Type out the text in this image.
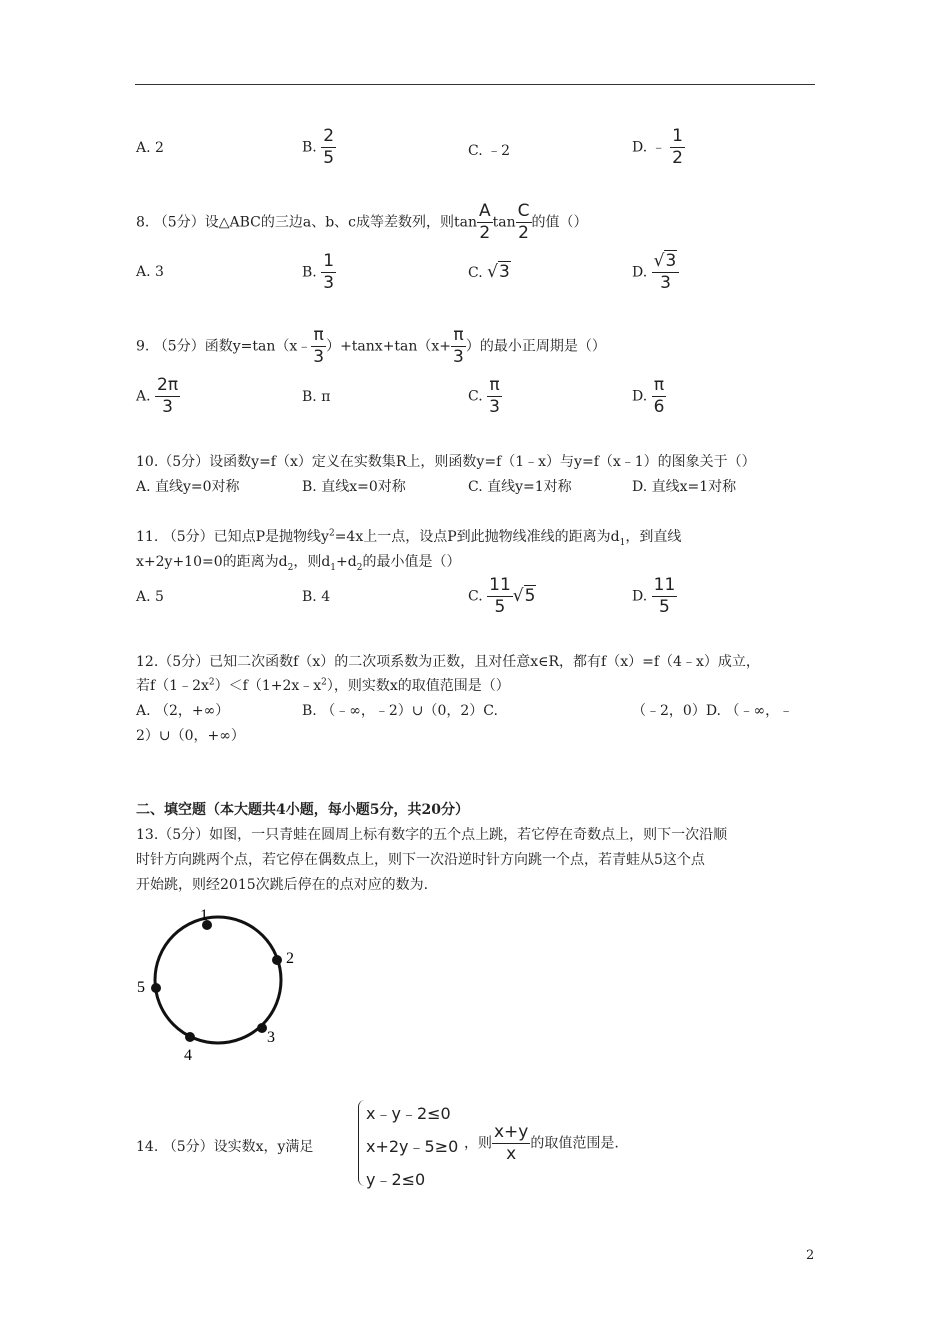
A. 2	B. $\frac{2}{5}$	C. ﹣2	D. ﹣ $\frac{1}{2}$
8. （5分）设△ABC的三边a、b、c成等差数列，则$\tan \frac{A}{2}$ $\tan \frac{C}{2}$ 的值（）
A. 3	B. $\frac{1}{3}$	C. √3	D. $\frac{√3}{3}$
9. （5分）函数y=tan（x﹣ $\frac{\pi}{3} )+\tan x+\tan(x+ \frac{\pi}{3}$ ）的最小正周期是（）
A. $\frac{2\pi}{3}$	B. π	C. $\frac{\pi}{3}$	D. $\frac{\pi}{6}$
10.（5分）设函数y=f（x）定义在实数集R上，则函数y=f（1﹣x）与y=f（x﹣1）的图象关于（）
A. 直线y=0对称	B. 直线x=0对称	C. 直线y=1对称	D. 直线x=1对称
11. （5分）已知点P是抛物线$y^2=4x$上一点，设点P到此抛物线准线的距离为$d_1$，到直线
x+2y+10=0的距离为$d_2$，则$d_1+d_2$的最小值是（）
A. 5	B. 4	C. $\frac{11}{5} √5$	D. $\frac{11}{5}$
12.（5分）已知二次函数f（x）的二次项系数为正数，且对任意x∈R，都有f（x）=f（4﹣x）成立，
若$f(1﹣2x^2)<f(1+2x﹣x^2)$，则实数x的取值范围是（）
A. （2，+∞）	B. （﹣∞，﹣2）∪（0，2）C.	（﹣2，0）D. （﹣∞，﹣
2）∪（0，+∞）
二、填空题（本大题共4小题，每小题5分，共20分）
13.（5分）如图，一只青蛙在圆周上标有数字的五个点上跳，若它停在奇数点上，则下一次沿顺
时针方向跳两个点，若它停在偶数点上，则下一次沿逆时针方向跳一个点，若青蛙从5这个点
开始跳，则经2015次跳后停在的点对应的数为.
1
2
3
4
5
14. （5分）设实数x，y满足
x﹣y﹣2≤0
x+2y﹣5≥0
y﹣2≤0
，则 $\frac{x+y}{x}$ 的取值范围是.
2
